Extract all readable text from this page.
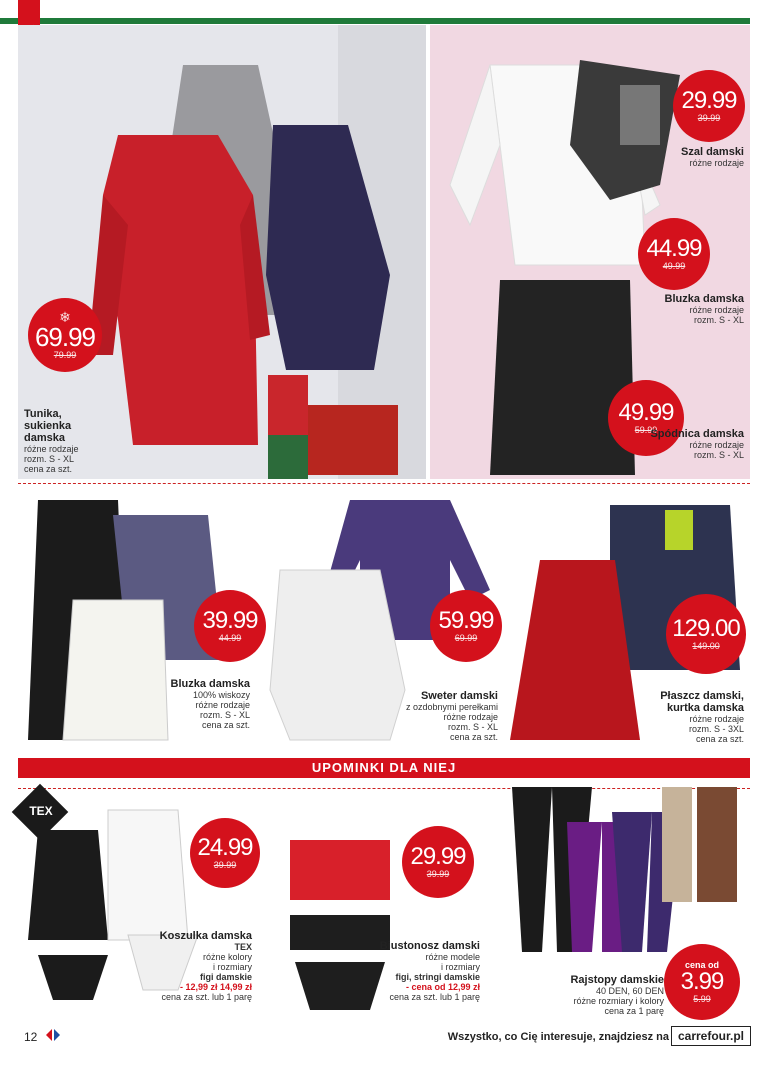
❄
69.99
79.99
Tunika, sukienka damska
różne rodzaje
rozm. S - XL
cena za szt.
29.99
39.99
Szal damski
różne rodzaje
44.99
49.99
Bluzka damska
różne rodzaje
rozm. S - XL
49.99
59.99
Spódnica damska
różne rodzaje
rozm. S - XL
39.99
44.99
Bluzka damska
100% wiskozy
różne rodzaje
rozm. S - XL
cena za szt.
59.99
69.99
Sweter damski
z ozdobnymi perełkami
różne rodzaje
rozm. S - XL
cena za szt.
129.00
149.00
Płaszcz damski, kurtka damska
różne rodzaje
rozm. S - 3XL
cena za szt.
UPOMINKI DLA NIEJ
TEX
24.99
39.99
Koszulka damska
TEX
różne kolory
i rozmiary
figi damskie
- 12,99 zł 14,99 zł
cena za szt. lub 1 parę
29.99
39.99
Biustonosz damski
różne modele
i rozmiary
figi, stringi damskie
- cena od 12,99 zł
cena za szt. lub 1 parę
cena od
3.99
5.99
Rajstopy damskie
40 DEN, 60 DEN
różne rozmiary i kolory
cena za 1 parę
12	Wszystko, co Cię interesuje, znajdziesz na carrefour.pl
